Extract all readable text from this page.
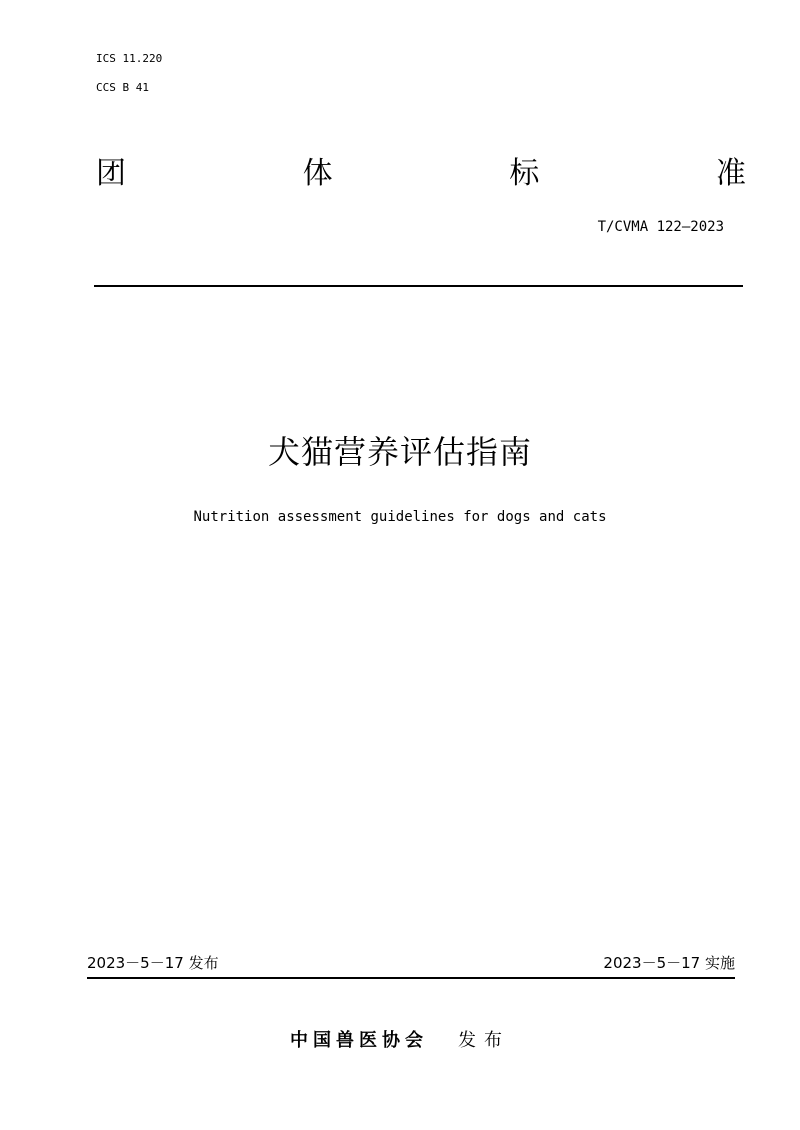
ICS 11.220
CCS B 41
团	体	标	准
T/CVMA 122—2023
犬猫营养评估指南
Nutrition assessment guidelines for dogs and cats
2023－5－17 发布	2023－5－17 实施
中国兽医协会 发布
